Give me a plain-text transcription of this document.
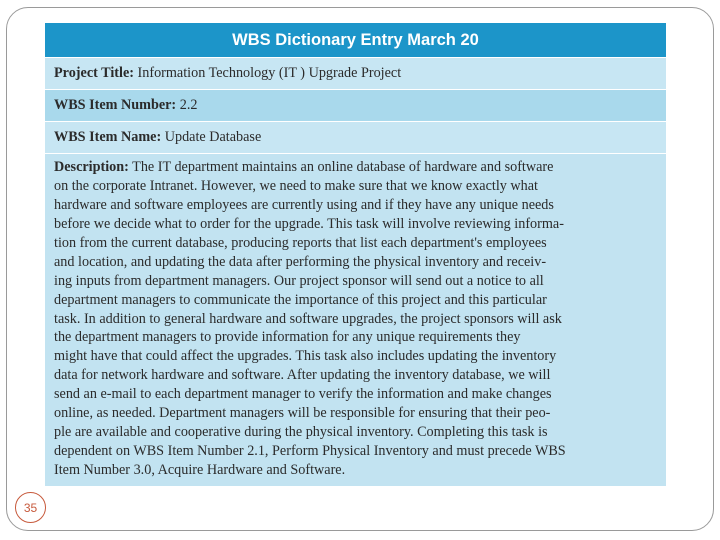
WBS Dictionary Entry March 20
Project Title: Information Technology (IT ) Upgrade Project
WBS Item Number: 2.2
WBS Item Name: Update Database
Description: The IT department maintains an online database of hardware and software
on the corporate Intranet. However, we need to make sure that we know exactly what
hardware and software employees are currently using and if they have any unique needs
before we decide what to order for the upgrade. This task will involve reviewing informa-
tion from the current database, producing reports that list each department's employees
and location, and updating the data after performing the physical inventory and receiv-
ing inputs from department managers. Our project sponsor will send out a notice to all
department managers to communicate the importance of this project and this particular
task. In addition to general hardware and software upgrades, the project sponsors will ask
the department managers to provide information for any unique requirements they
might have that could affect the upgrades. This task also includes updating the inventory
data for network hardware and software. After updating the inventory database, we will
send an e-mail to each department manager to verify the information and make changes
online, as needed. Department managers will be responsible for ensuring that their peo-
ple are available and cooperative during the physical inventory. Completing this task is
dependent on WBS Item Number 2.1, Perform Physical Inventory and must precede WBS
Item Number 3.0, Acquire Hardware and Software.
35
